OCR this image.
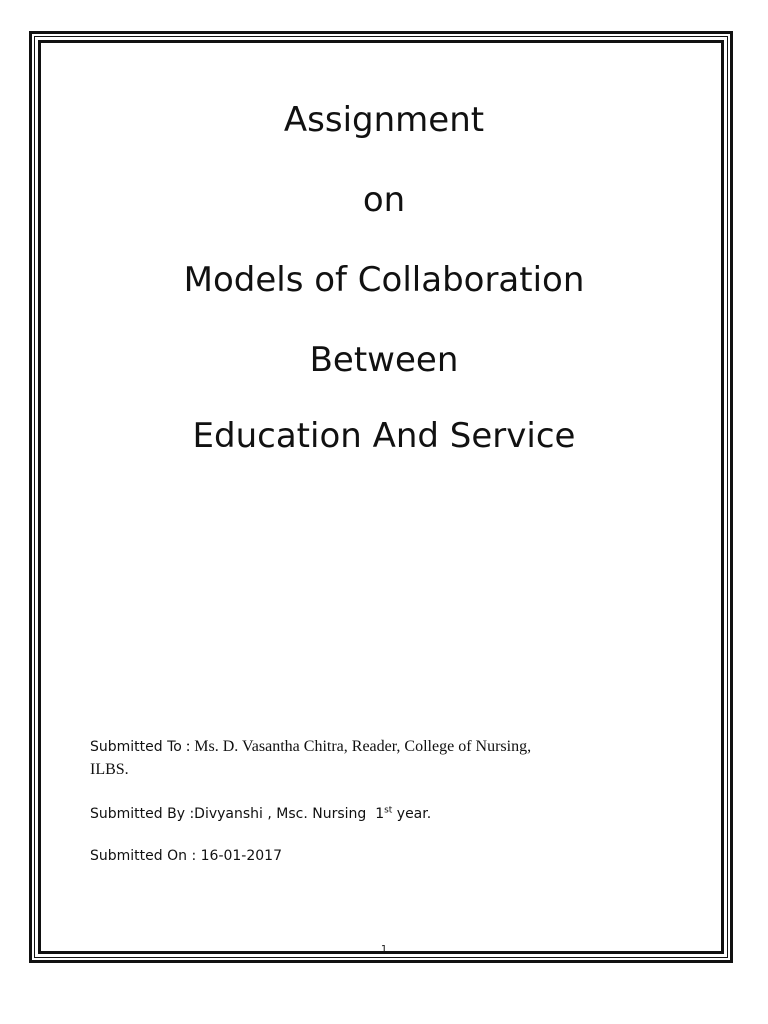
Assignment
on
Models of Collaboration
Between
Education And Service
Submitted To : Ms. D. Vasantha Chitra, Reader, College of Nursing,
ILBS.
Submitted By :Divyanshi , Msc. Nursing  1st year.
Submitted On : 16-01-2017
1
